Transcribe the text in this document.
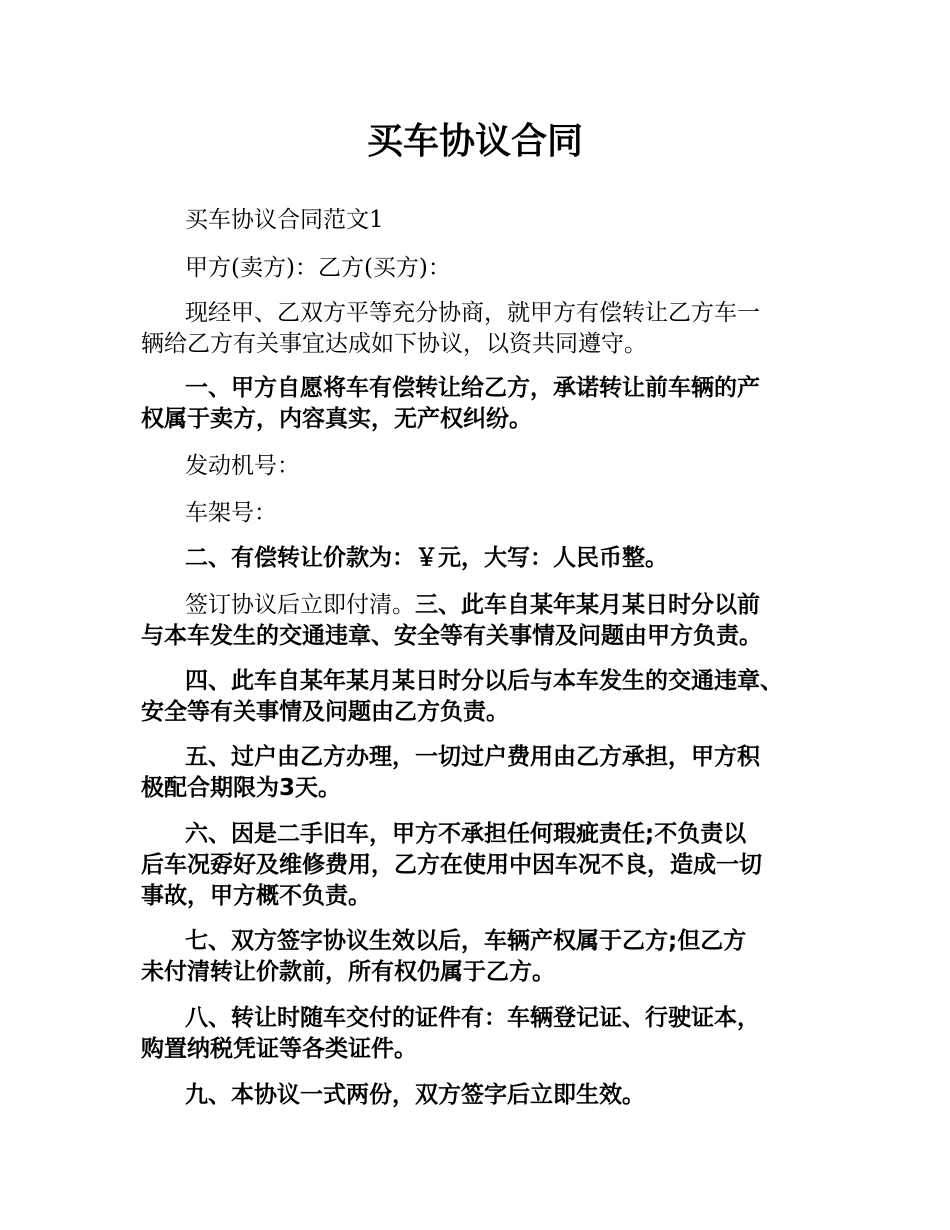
买车协议合同

买车协议合同范文1

甲方(卖方)：乙方(买方)：

现经甲、乙双方平等充分协商，就甲方有偿转让乙方车一
辆给乙方有关事宜达成如下协议，以资共同遵守。

一、甲方自愿将车有偿转让给乙方，承诺转让前车辆的产
权属于卖方，内容真实，无产权纠纷。

发动机号：

车架号：

二、有偿转让价款为：￥元，大写：人民币整。

签订协议后立即付清。三、此车自某年某月某日时分以前
与本车发生的交通违章、安全等有关事情及问题由甲方负责。

四、此车自某年某月某日时分以后与本车发生的交通违章、
安全等有关事情及问题由乙方负责。

五、过户由乙方办理，一切过户费用由乙方承担，甲方积
极配合期限为3天。

六、因是二手旧车，甲方不承担任何瑕疵责任;不负责以
后车况孬好及维修费用，乙方在使用中因车况不良，造成一切
事故，甲方概不负责。

七、双方签字协议生效以后，车辆产权属于乙方;但乙方
未付清转让价款前，所有权仍属于乙方。

八、转让时随车交付的证件有：车辆登记证、行驶证本，
购置纳税凭证等各类证件。

九、本协议一式两份，双方签字后立即生效。
